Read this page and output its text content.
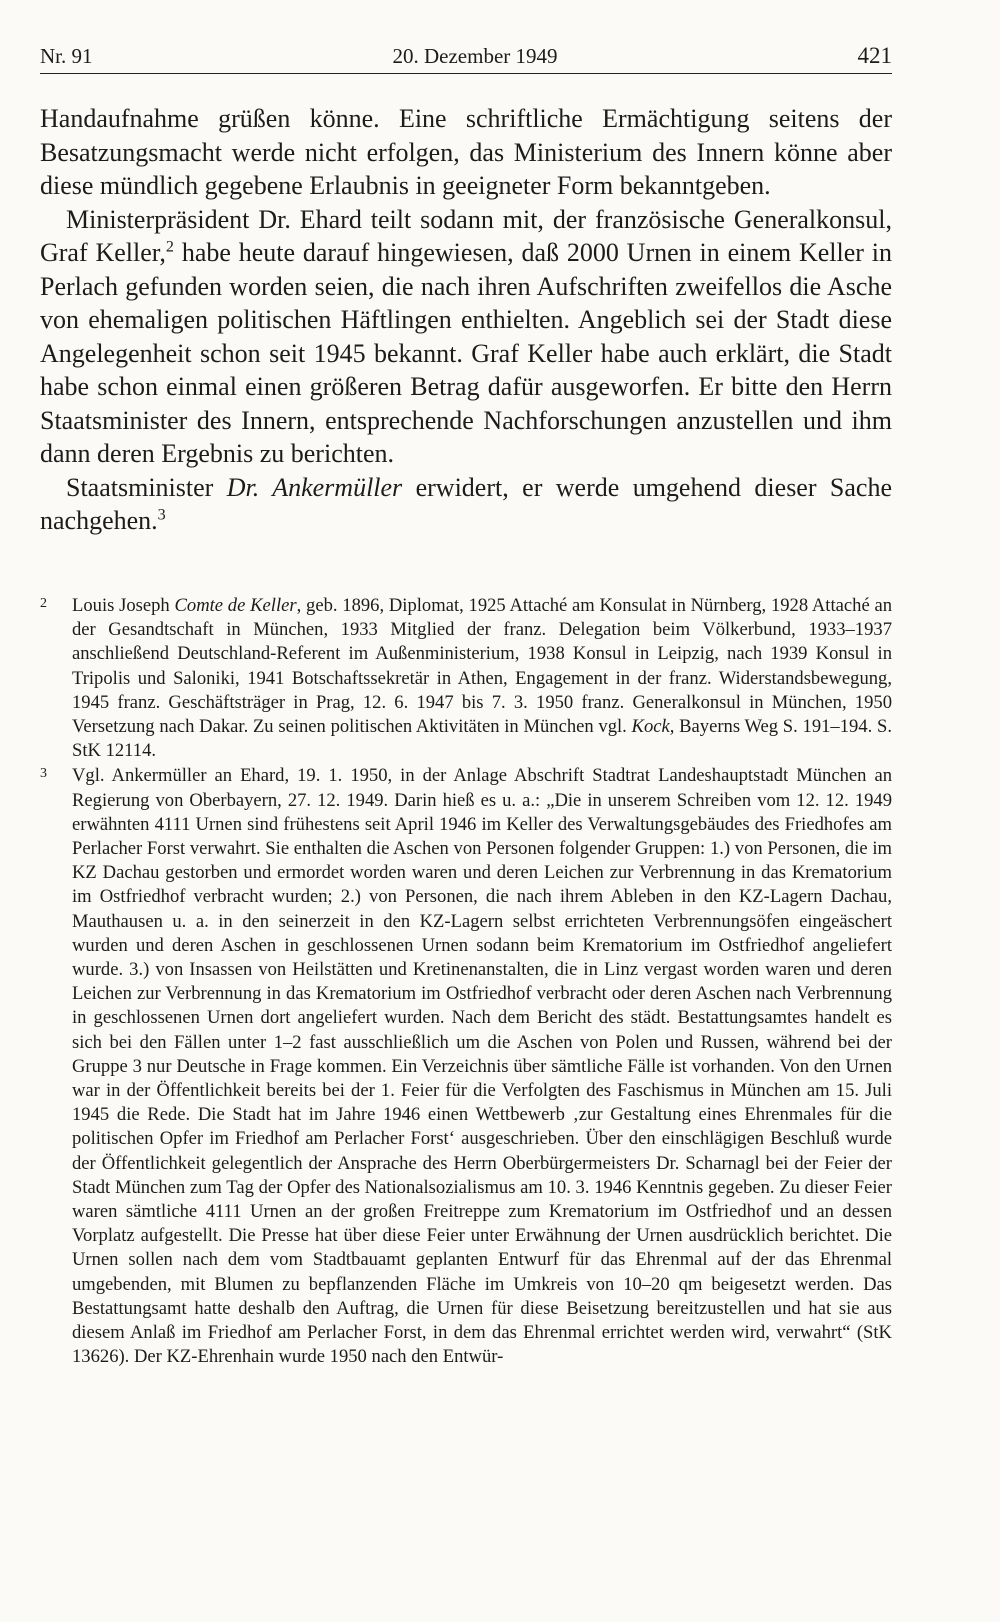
Nr. 91	20. Dezember 1949	421

Handaufnahme grüßen könne. Eine schriftliche Ermächtigung seitens der Besatzungsmacht werde nicht erfolgen, das Ministerium des Innern könne aber diese mündlich gegebene Erlaubnis in geeigneter Form bekanntgeben.

Ministerpräsident Dr. Ehard teilt sodann mit, der französische Generalkonsul, Graf Keller,$^2$ habe heute darauf hingewiesen, daß 2000 Urnen in einem Keller in Perlach gefunden worden seien, die nach ihren Aufschriften zweifellos die Asche von ehemaligen politischen Häftlingen enthielten. Angeblich sei der Stadt diese Angelegenheit schon seit 1945 bekannt. Graf Keller habe auch erklärt, die Stadt habe schon einmal einen größeren Betrag dafür ausgeworfen. Er bitte den Herrn Staatsminister des Innern, entsprechende Nachforschungen anzustellen und ihm dann deren Ergebnis zu berichten.

Staatsminister Dr. Ankermüller erwidert, er werde umgehend dieser Sache nachgehen.$^3$

2 Louis Joseph Comte de Keller, geb. 1896, Diplomat, 1925 Attaché am Konsulat in Nürnberg, 1928 Attaché an der Gesandtschaft in München, 1933 Mitglied der franz. Delegation beim Völkerbund, 1933–1937 anschließend Deutschland-Referent im Außenministerium, 1938 Konsul in Leipzig, nach 1939 Konsul in Tripolis und Saloniki, 1941 Botschaftssekretär in Athen, Engagement in der franz. Widerstandsbewegung, 1945 franz. Geschäftsträger in Prag, 12. 6. 1947 bis 7. 3. 1950 franz. Generalkonsul in München, 1950 Versetzung nach Dakar. Zu seinen politischen Aktivitäten in München vgl. Kock, Bayerns Weg S. 191–194. S. StK 12114.
3 Vgl. Ankermüller an Ehard, 19. 1. 1950, in der Anlage Abschrift Stadtrat Landeshauptstadt München an Regierung von Oberbayern, 27. 12. 1949. Darin hieß es u. a.: „Die in unserem Schreiben vom 12. 12. 1949 erwähnten 4111 Urnen sind frühestens seit April 1946 im Keller des Verwaltungsgebäudes des Friedhofes am Perlacher Forst verwahrt. Sie enthalten die Aschen von Personen folgender Gruppen: 1.) von Personen, die im KZ Dachau gestorben und ermordet worden waren und deren Leichen zur Verbrennung in das Krematorium im Ostfriedhof verbracht wurden; 2.) von Personen, die nach ihrem Ableben in den KZ-Lagern Dachau, Mauthausen u. a. in den seinerzeit in den KZ-Lagern selbst errichteten Verbrennungsöfen eingeäschert wurden und deren Aschen in geschlossenen Urnen sodann beim Krematorium im Ostfriedhof angeliefert wurde. 3.) von Insassen von Heilstätten und Kretinenanstalten, die in Linz vergast worden waren und deren Leichen zur Verbrennung in das Krematorium im Ostfriedhof verbracht oder deren Aschen nach Verbrennung in geschlossenen Urnen dort angeliefert wurden. Nach dem Bericht des städt. Bestattungsamtes handelt es sich bei den Fällen unter 1–2 fast ausschließlich um die Aschen von Polen und Russen, während bei der Gruppe 3 nur Deutsche in Frage kommen. Ein Verzeichnis über sämtliche Fälle ist vorhanden. Von den Urnen war in der Öffentlichkeit bereits bei der 1. Feier für die Verfolgten des Faschismus in München am 15. Juli 1945 die Rede. Die Stadt hat im Jahre 1946 einen Wettbewerb ‚zur Gestaltung eines Ehrenmales für die politischen Opfer im Friedhof am Perlacher Forst‘ ausgeschrieben. Über den einschlägigen Beschluß wurde der Öffentlichkeit gelegentlich der Ansprache des Herrn Oberbürgermeisters Dr. Scharnagl bei der Feier der Stadt München zum Tag der Opfer des Nationalsozialismus am 10. 3. 1946 Kenntnis gegeben. Zu dieser Feier waren sämtliche 4111 Urnen an der großen Freitreppe zum Krematorium im Ostfriedhof und an dessen Vorplatz aufgestellt. Die Presse hat über diese Feier unter Erwähnung der Urnen ausdrücklich berichtet. Die Urnen sollen nach dem vom Stadtbauamt geplanten Entwurf für das Ehrenmal auf der das Ehrenmal umgebenden, mit Blumen zu bepflanzenden Fläche im Umkreis von 10–20 qm beigesetzt werden. Das Bestattungsamt hatte deshalb den Auftrag, die Urnen für diese Beisetzung bereitzustellen und hat sie aus diesem Anlaß im Friedhof am Perlacher Forst, in dem das Ehrenmal errichtet werden wird, verwahrt“ (StK 13626). Der KZ-Ehrenhain wurde 1950 nach den Entwür-
